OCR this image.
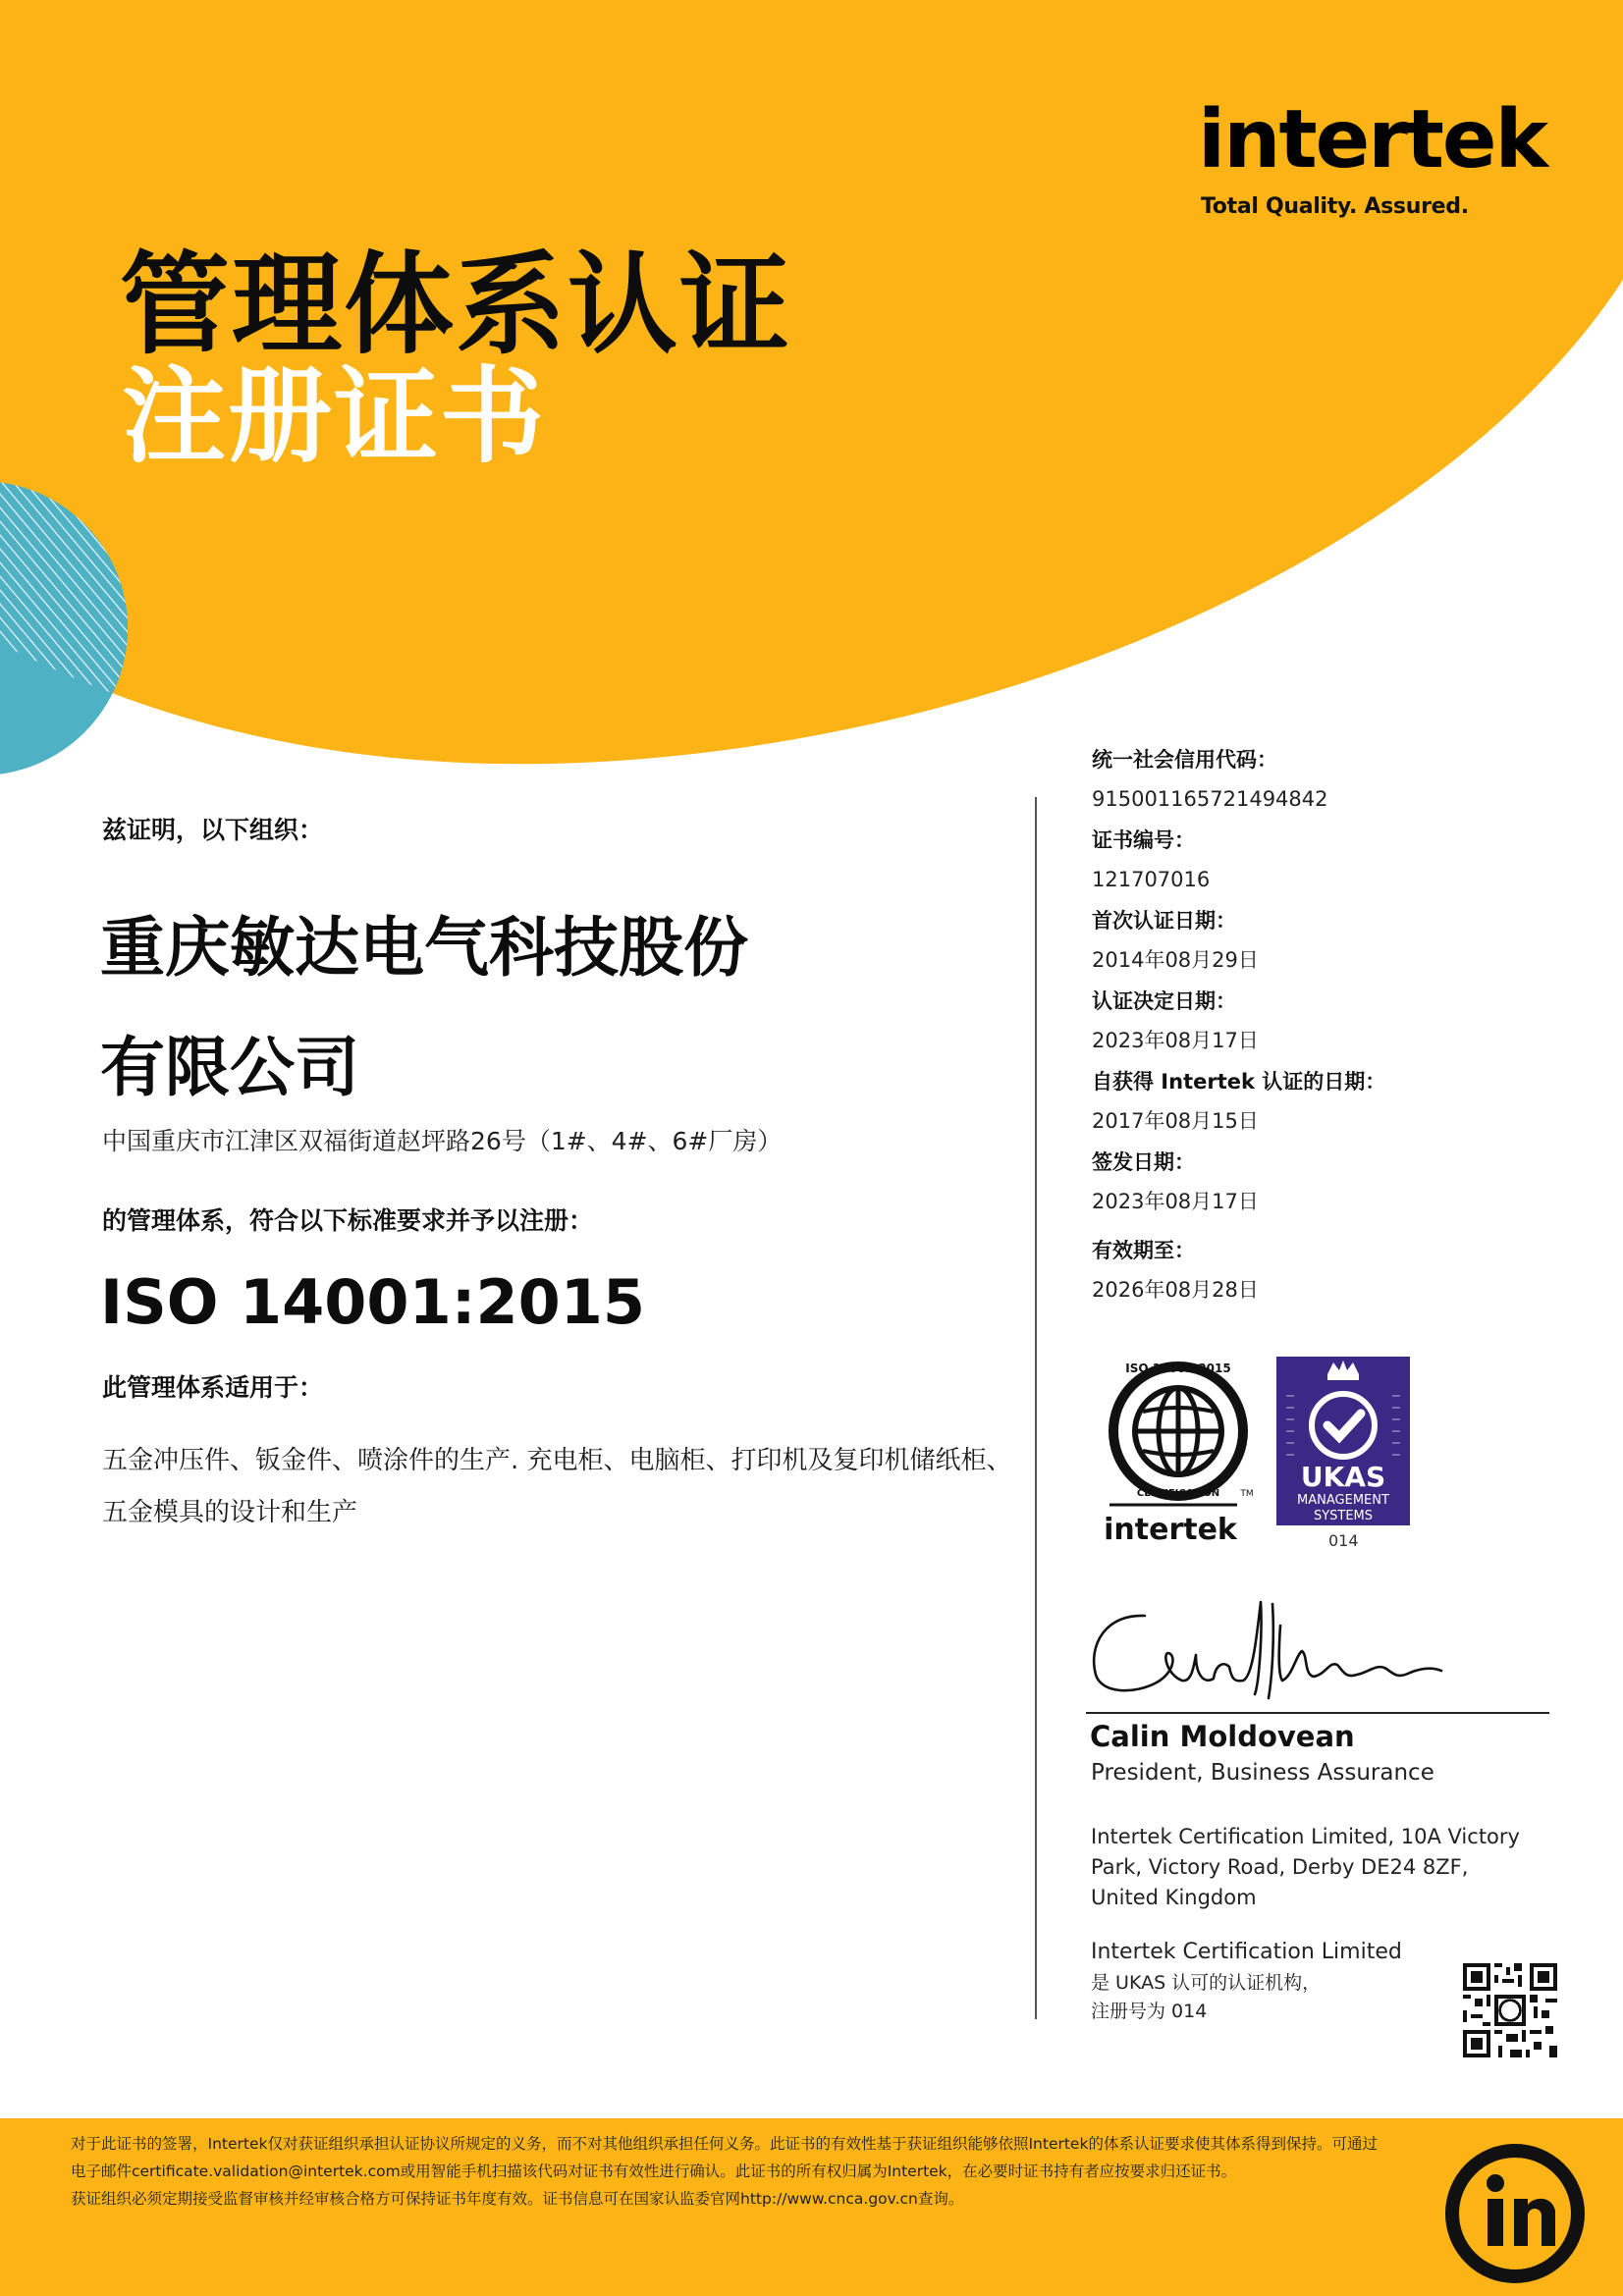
intertek
Total Quality. Assured.
管理体系认证
注册证书
兹证明，以下组织：
重庆敏达电气科技股份
有限公司
中国重庆市江津区双福街道赵坪路26号（1#、4#、6#厂房）
的管理体系，符合以下标准要求并予以注册：
ISO 14001:2015
此管理体系适用于：
五金冲压件、钣金件、喷涂件的生产. 充电柜、电脑柜、打印机及复印机储纸柜、五金模具的设计和生产
统一社会信用代码：
915001165721494842
证书编号：
121707016
首次认证日期：
2014年08月29日
认证决定日期：
2023年08月17日
自获得 Intertek 认证的日期：
2017年08月15日
签发日期：
2023年08月17日
有效期至：
2026年08月28日
ISO 14001:2015
CERTIFICATION TM
intertek
UKAS
MANAGEMENT
SYSTEMS
014
Calin Moldovean
President, Business Assurance
Intertek Certification Limited, 10A Victory Park, Victory Road, Derby DE24 8ZF, United Kingdom
Intertek Certification Limited
是 UKAS 认可的认证机构，
注册号为 014
对于此证书的签署，Intertek仅对获证组织承担认证协议所规定的义务，而不对其他组织承担任何义务。此证书的有效性基于获证组织能够依照Intertek的体系认证要求使其体系得到保持。可通过电子邮件certificate.validation@intertek.com或用智能手机扫描该代码对证书有效性进行确认。此证书的所有权归属为Intertek，在必要时证书持有者应按要求归还证书。
获证组织必须定期接受监督审核并经审核合格方可保持证书年度有效。证书信息可在国家认监委官网http://www.cnca.gov.cn查询。
